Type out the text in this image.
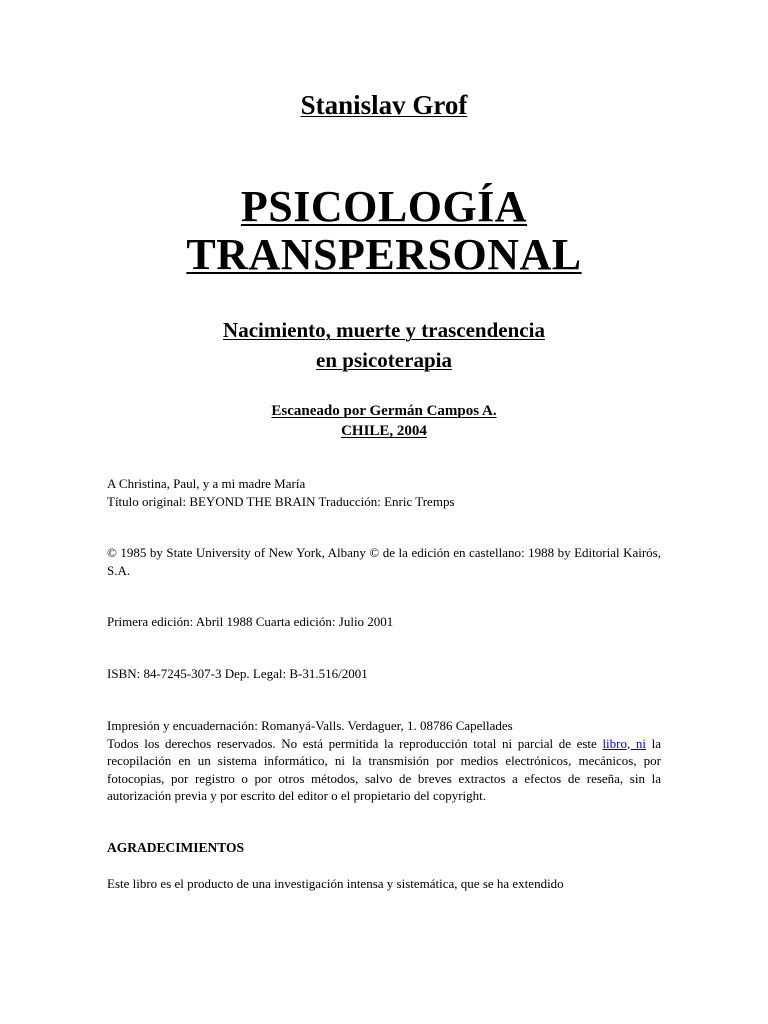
Stanislav Grof
PSICOLOGÍA
TRANSPERSONAL
Nacimiento, muerte y trascendencia
en psicoterapia
Escaneado por Germán Campos A.
CHILE, 2004
A Christina, Paul, y a mi madre María
Título original: BEYOND THE BRAIN Traducción: Enric Tremps
© 1985 by State University of New York, Albany © de la edición en castellano: 1988 by Editorial Kairós, S.A.
Primera edición: Abril 1988 Cuarta edición: Julio 2001
ISBN: 84-7245-307-3 Dep. Legal: B-31.516/2001
Impresión y encuadernación: Romanyá-Valls. Verdaguer, 1. 08786 Capellades
Todos los derechos reservados. No está permitida la reproducción total ni parcial de este libro, ni la recopilación en un sistema informático, ni la transmisión por medios electrónicos, mecánicos, por fotocopias, por registro o por otros métodos, salvo de breves extractos a efectos de reseña, sin la autorización previa y por escrito del editor o el propietario del copyright.
AGRADECIMIENTOS
Este libro es el producto de una investigación intensa y sistemática, que se ha extendido
